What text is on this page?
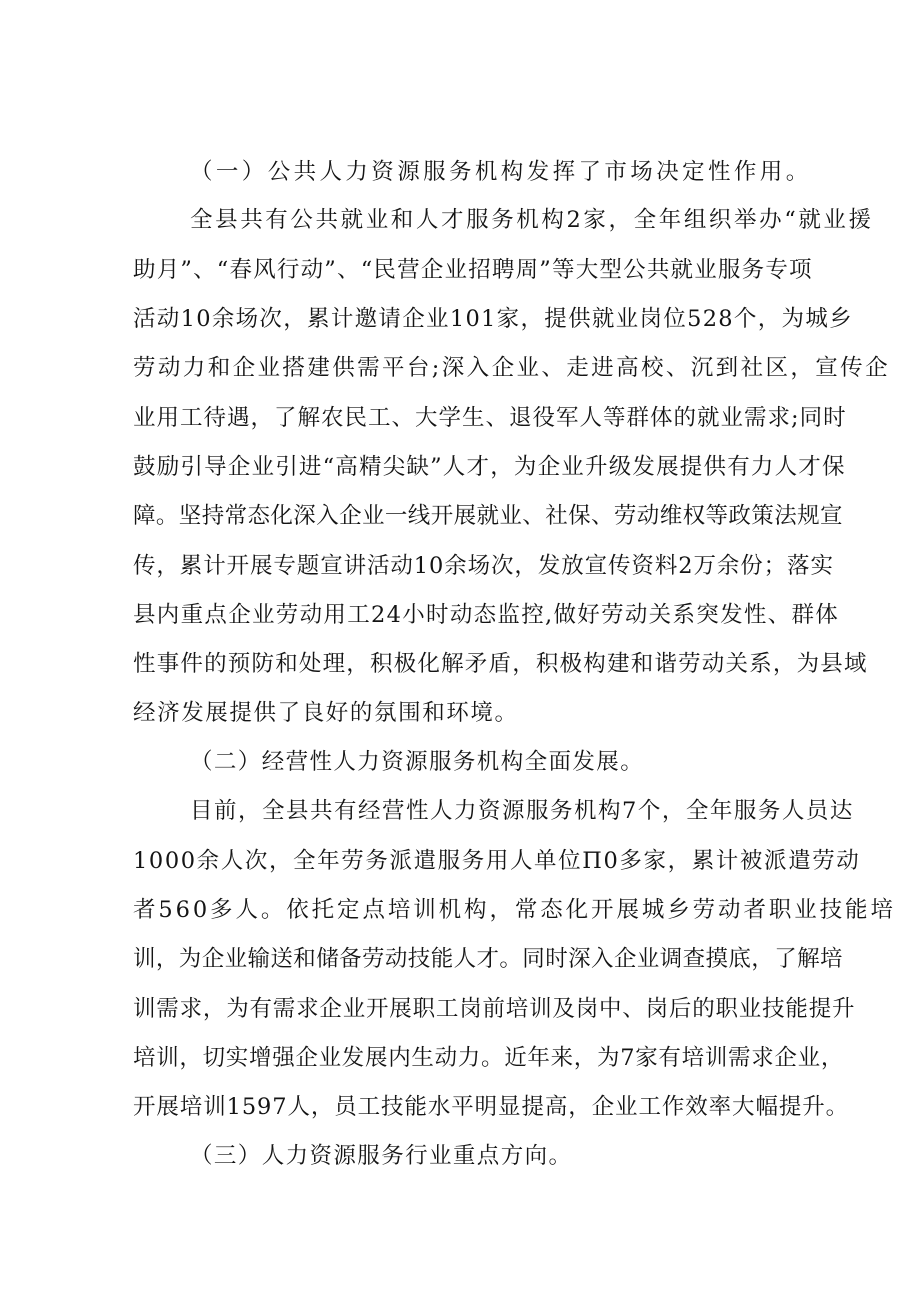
（一）公共人力资源服务机构发挥了市场决定性作用。
全县共有公共就业和人才服务机构2家，全年组织举办“就业援
助月”、“春风行动”、“民营企业招聘周”等大型公共就业服务专项
活动10余场次，累计邀请企业101家，提供就业岗位528个，为城乡
劳动力和企业搭建供需平台;深入企业、走进高校、沉到社区，宣传企
业用工待遇，了解农民工、大学生、退役军人等群体的就业需求;同时
鼓励引导企业引进“高精尖缺”人才，为企业升级发展提供有力人才保
障。坚持常态化深入企业一线开展就业、社保、劳动维权等政策法规宣
传，累计开展专题宣讲活动10余场次，发放宣传资料2万余份；落实
县内重点企业劳动用工24小时动态监控,做好劳动关系突发性、群体
性事件的预防和处理，积极化解矛盾，积极构建和谐劳动关系，为县域
经济发展提供了良好的氛围和环境。
（二）经营性人力资源服务机构全面发展。
目前，全县共有经营性人力资源服务机构7个，全年服务人员达
1000余人次，全年劳务派遣服务用人单位Π0多家，累计被派遣劳动
者560多人。依托定点培训机构，常态化开展城乡劳动者职业技能培
训，为企业输送和储备劳动技能人才。同时深入企业调查摸底，了解培
训需求，为有需求企业开展职工岗前培训及岗中、岗后的职业技能提升
培训，切实增强企业发展内生动力。近年来，为7家有培训需求企业，
开展培训1597人，员工技能水平明显提高，企业工作效率大幅提升。
（三）人力资源服务行业重点方向。
